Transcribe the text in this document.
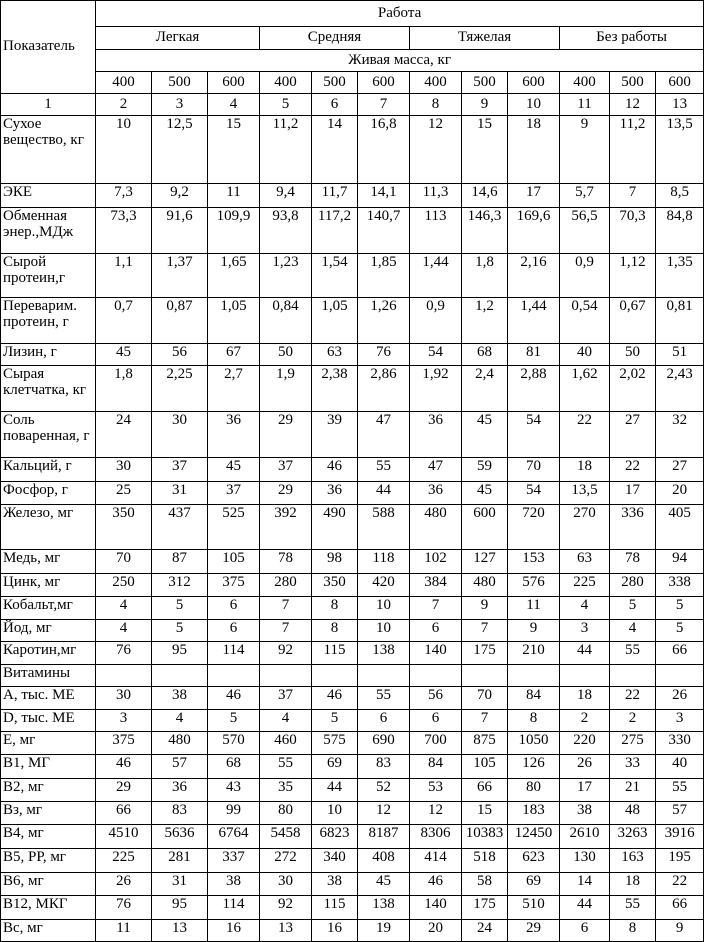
Показатель	Работа											
	Легкая			Средняя			Тяжелая			Без работы		
	Живая масса, кг											
	400	500	600	400	500	600	400	500	600	400	500	600
1	2	3	4	5	6	7	8	9	10	11	12	13
Сухое вещество, кг	10	12,5	15	11,2	14	16,8	12	15	18	9	11,2	13,5
ЭКЕ	7,3	9,2	11	9,4	11,7	14,1	11,3	14,6	17	5,7	7	8,5
Обменная энер.,МДж	73,3	91,6	109,9	93,8	117,2	140,7	113	146,3	169,6	56,5	70,3	84,8
Сырой протеин,г	1,1	1,37	1,65	1,23	1,54	1,85	1,44	1,8	2,16	0,9	1,12	1,35
Переварим. протеин, г	0,7	0,87	1,05	0,84	1,05	1,26	0,9	1,2	1,44	0,54	0,67	0,81
Лизин, г	45	56	67	50	63	76	54	68	81	40	50	51
Сырая клетчатка, кг	1,8	2,25	2,7	1,9	2,38	2,86	1,92	2,4	2,88	1,62	2,02	2,43
Соль поваренная, г	24	30	36	29	39	47	36	45	54	22	27	32
Кальций, г	30	37	45	37	46	55	47	59	70	18	22	27
Фосфор, г	25	31	37	29	36	44	36	45	54	13,5	17	20
Железо, мг	350	437	525	392	490	588	480	600	720	270	336	405
Медь, мг	70	87	105	78	98	118	102	127	153	63	78	94
Цинк, мг	250	312	375	280	350	420	384	480	576	225	280	338
Кобальт,мг	4	5	6	7	8	10	7	9	11	4	5	5
Йод, мг	4	5	6	7	8	10	6	7	9	3	4	5
Каротин,мг	76	95	114	92	115	138	140	175	210	44	55	66
Витамины												
А, тыс. МЕ	30	38	46	37	46	55	56	70	84	18	22	26
D, тыс. МЕ	3	4	5	4	5	6	6	7	8	2	2	3
Е, мг	375	480	570	460	575	690	700	875	1050	220	275	330
В1, МГ	46	57	68	55	69	83	84	105	126	26	33	40
В2, мг	29	36	43	35	44	52	53	66	80	17	21	55
Вз, мг	66	83	99	80	10	12	12	15	183	38	48	57
В4, мг	4510	5636	6764	5458	6823	8187	8306	10383	12450	2610	3263	3916
В5, РР, мг	225	281	337	272	340	408	414	518	623	130	163	195
В6, мг	26	31	38	30	38	45	46	58	69	14	18	22
В12, МКГ	76	95	114	92	115	138	140	175	510	44	55	66
Вс, мг	11	13	16	13	16	19	20	24	29	6	8	9
